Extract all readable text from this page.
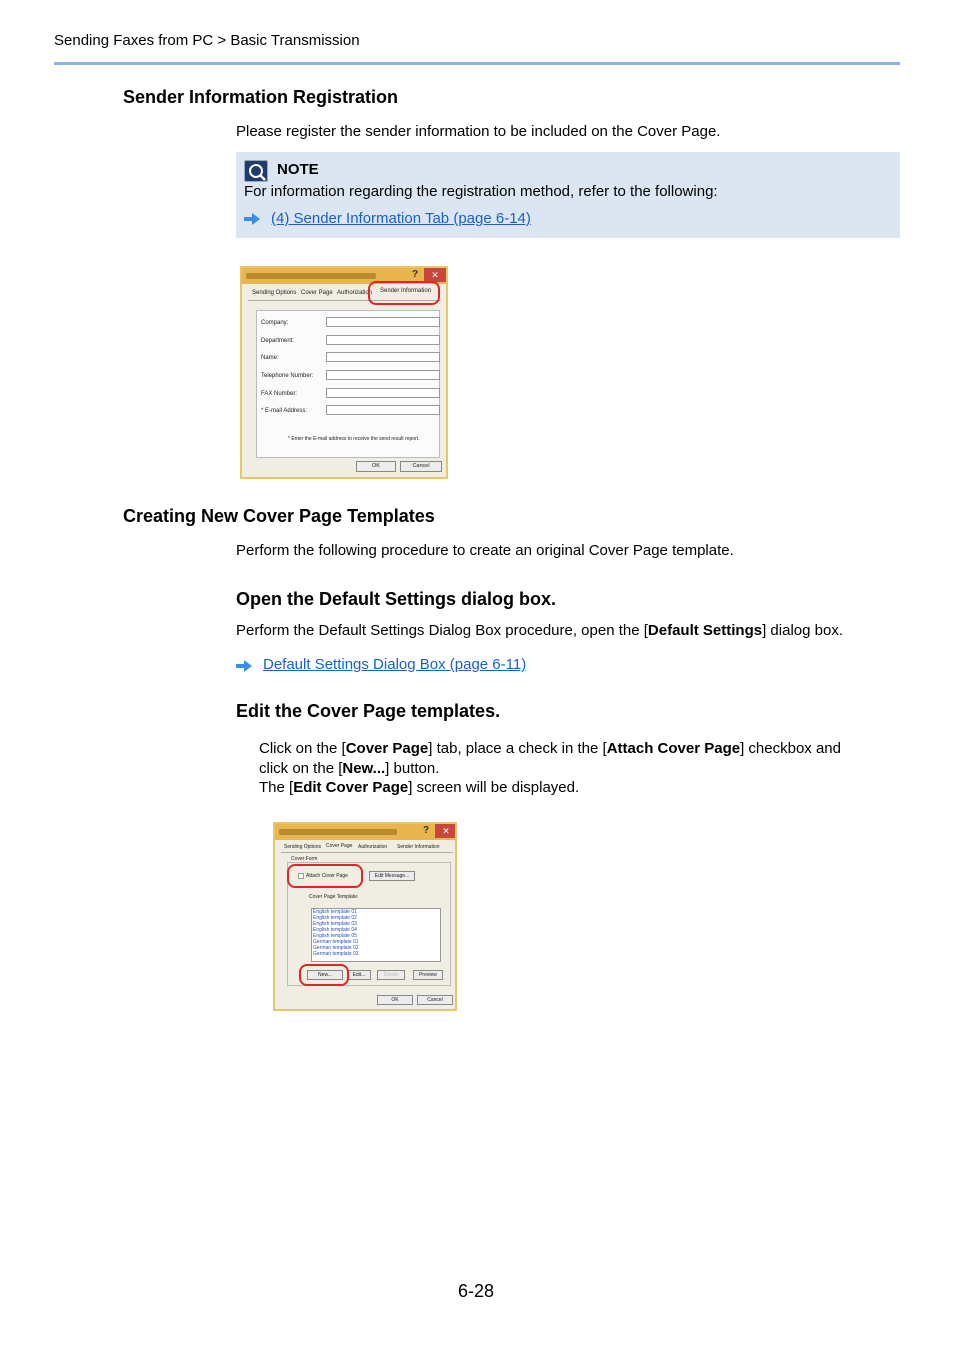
Sending Faxes from PC > Basic Transmission
Sender Information Registration
Please register the sender information to be included on the Cover Page.
NOTE
For information regarding the registration method, refer to the following:
(4) Sender Information Tab (page 6-14)
?	✕
Sending Options Cover Page Authorization Sender Information
Company:
Department:
Name:
Telephone Number:
FAX Number:
* E-mail Address:
* Enter the E-mail address to receive the send result report.
OK	Cancel
Creating New Cover Page Templates
Perform the following procedure to create an original Cover Page template.
Open the Default Settings dialog box.
Perform the Default Settings Dialog Box procedure, open the [Default Settings] dialog box.
Default Settings Dialog Box (page 6-11)
Edit the Cover Page templates.
Click on the [Cover Page] tab, place a check in the [Attach Cover Page] checkbox and
click on the [New...] button.
The [Edit Cover Page] screen will be displayed.
?	✕
Sending Options Cover Page Authorization Sender Information
Cover Form
Attach Cover Page	Edit Message...
Cover Page Template:
English template 01
English template 02
English template 03
English template 04
English template 05
German template 01
German template 02
German template 03
New...	Edit...	Delete	Preview
OK	Cancel
6-28
